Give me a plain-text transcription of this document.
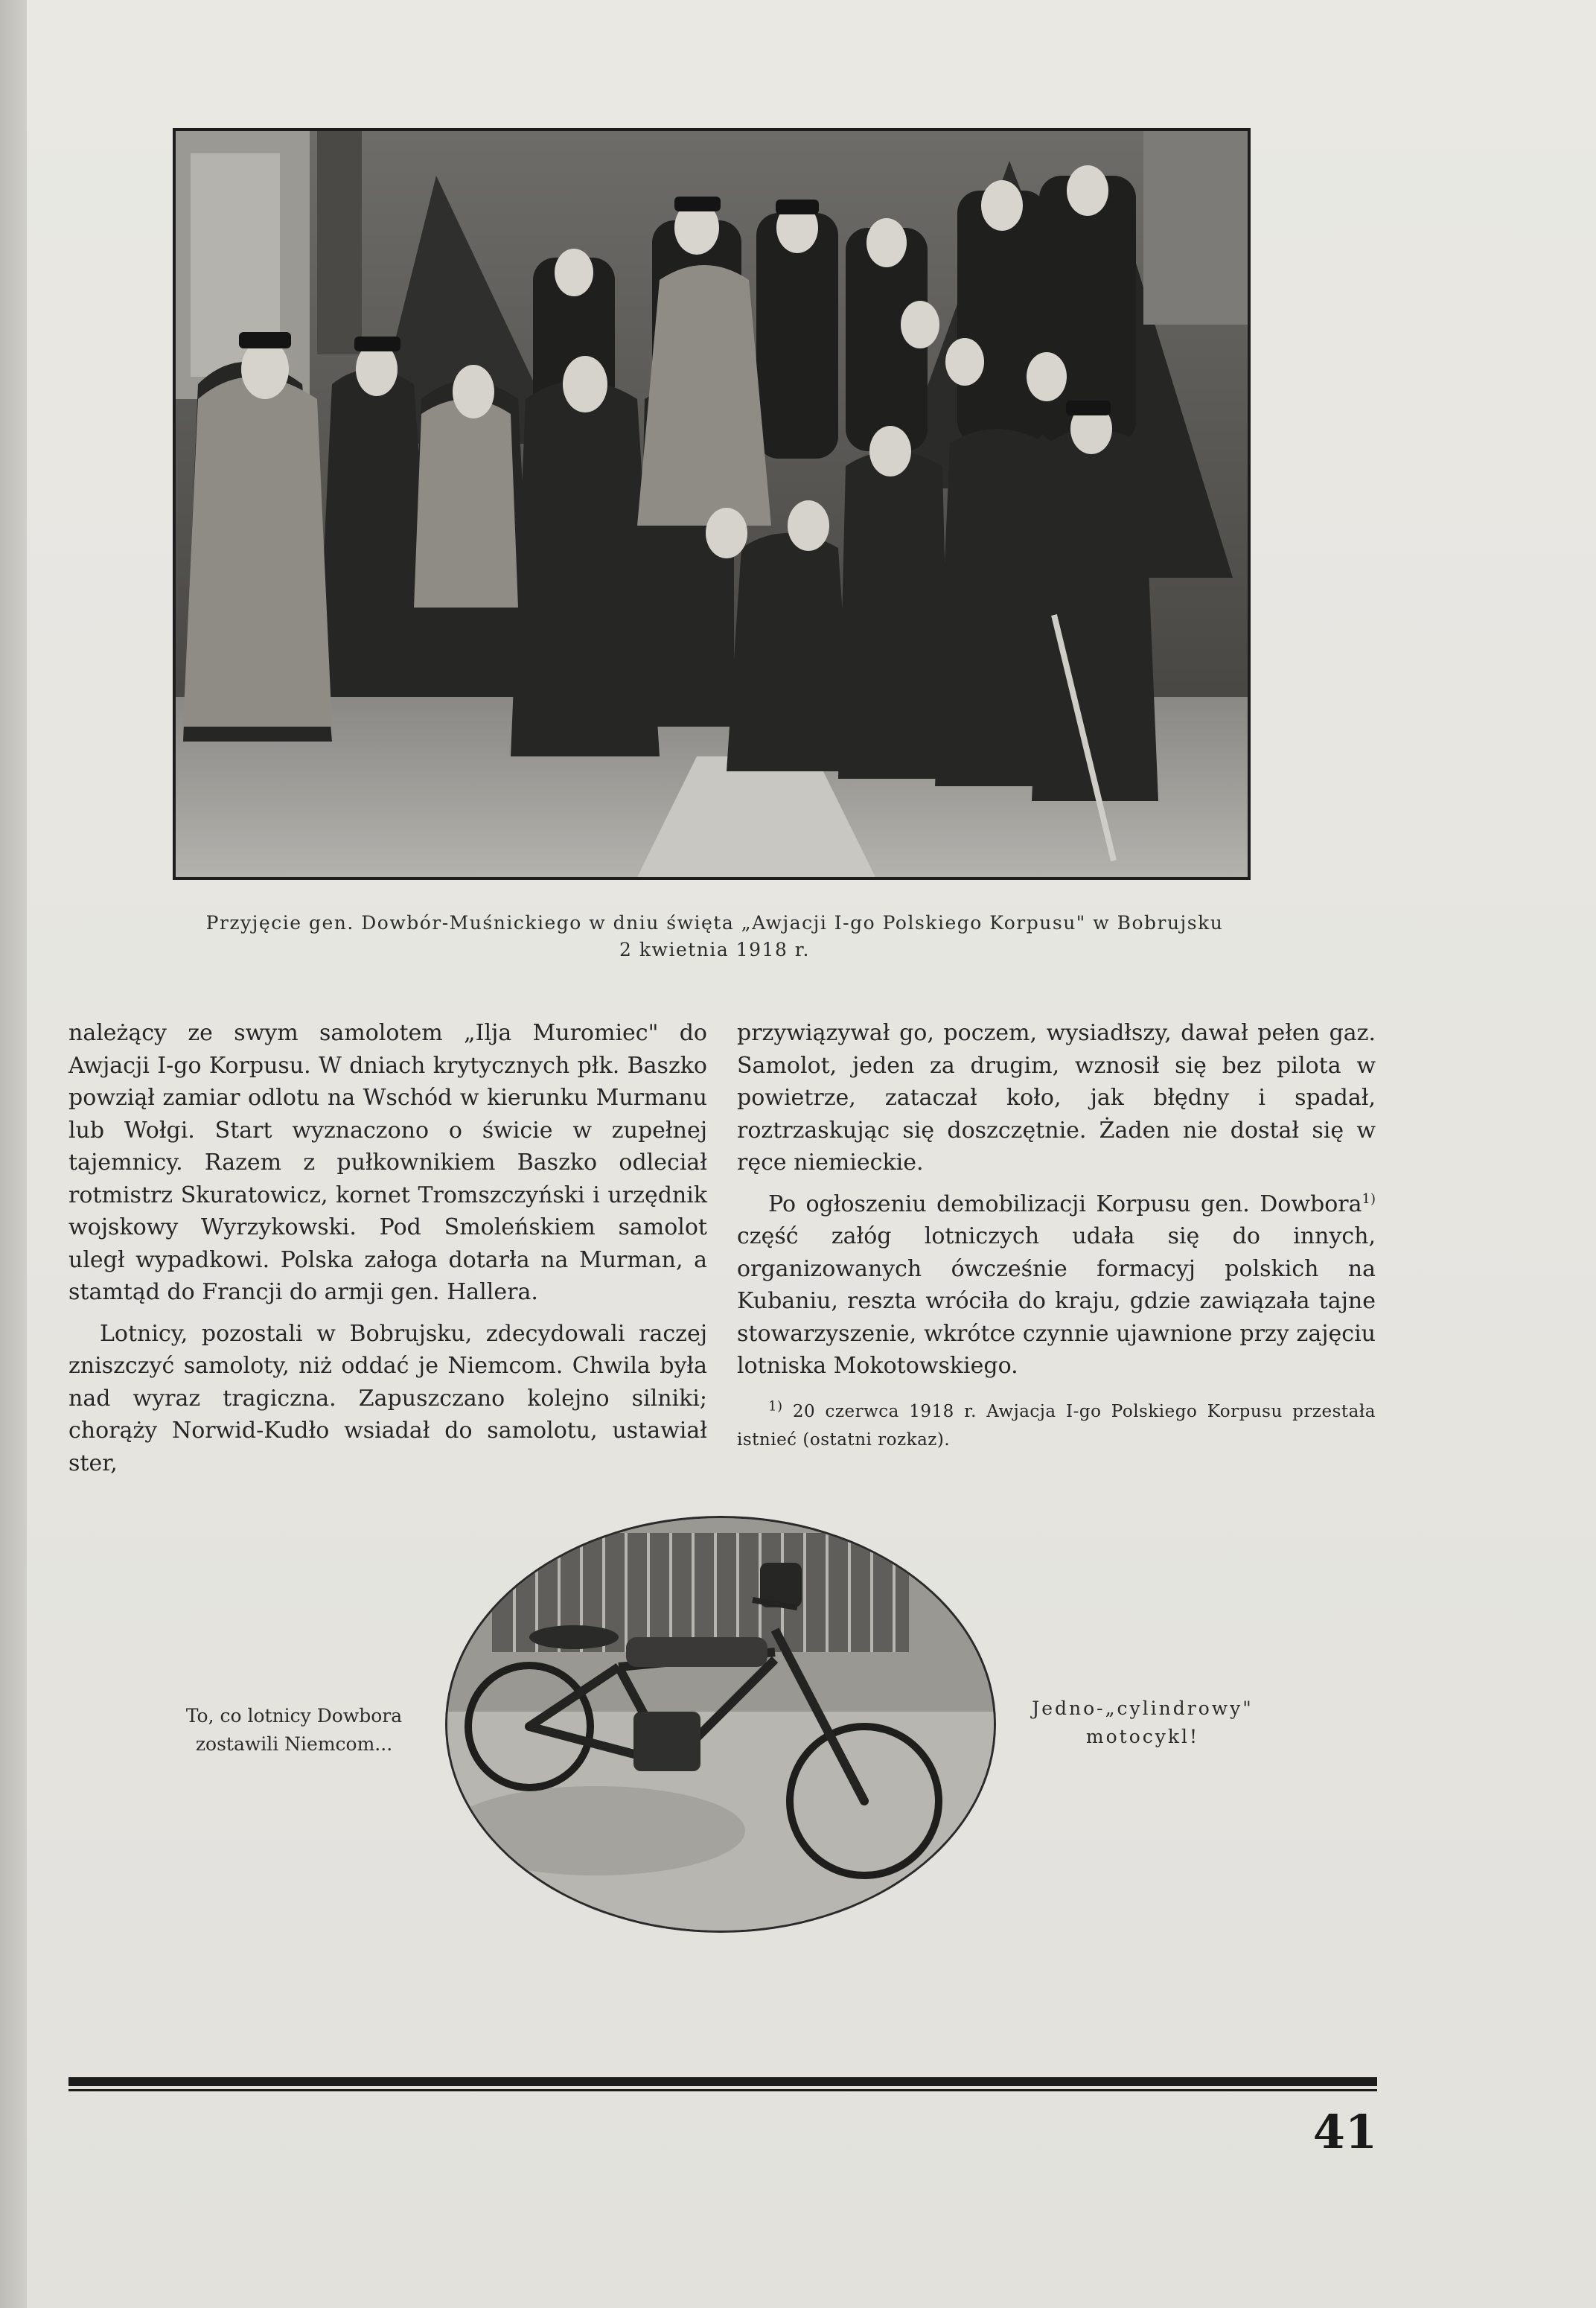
Przyjęcie gen. Dowbór-Muśnickiego w dniu święta „Awjacji I-go Polskiego Korpusu" w Bobrujsku
2 kwietnia 1918 r.

należący ze swym samolotem „Ilja Muromiec" do Awjacji I-go Korpusu. W dniach krytycznych płk. Baszko powziął zamiar odlotu na Wschód w kierunku Murmanu lub Wołgi. Start wyznaczono o świcie w zupełnej tajemnicy. Razem z pułkownikiem Baszko odleciał rotmistrz Skuratowicz, kornet Tromszczyński i urzędnik wojskowy Wyrzykowski. Pod Smoleńskiem samolot uległ wypadkowi. Polska załoga dotarła na Murman, a stamtąd do Francji do armji gen. Hallera.

Lotnicy, pozostali w Bobrujsku, zdecydowali raczej zniszczyć samoloty, niż oddać je Niemcom. Chwila była nad wyraz tragiczna. Zapuszczano kolejno silniki; chorąży Norwid-Kudło wsiadał do samolotu, ustawiał ster,

przywiązywał go, poczem, wysiadłszy, dawał pełen gaz. Samolot, jeden za drugim, wznosił się bez pilota w powietrze, zataczał koło, jak błędny i spadał, roztrzaskując się doszczętnie. Żaden nie dostał się w ręce niemieckie.

Po ogłoszeniu demobilizacji Korpusu gen. Dowbora$^{1)}$ część załóg lotniczych udała się do innych, organizowanych ówcześnie formacyj polskich na Kubaniu, reszta wróciła do kraju, gdzie zawiązała tajne stowarzyszenie, wkrótce czynnie ujawnione przy zajęciu lotniska Mokotowskiego.

$^{1)}$ 20 czerwca 1918 r. Awjacja I-go Polskiego Korpusu przestała istnieć (ostatni rozkaz).

To, co lotnicy Dowbora zostawili Niemcom...
Jedno-„cylindrowy" motocykl!
41
